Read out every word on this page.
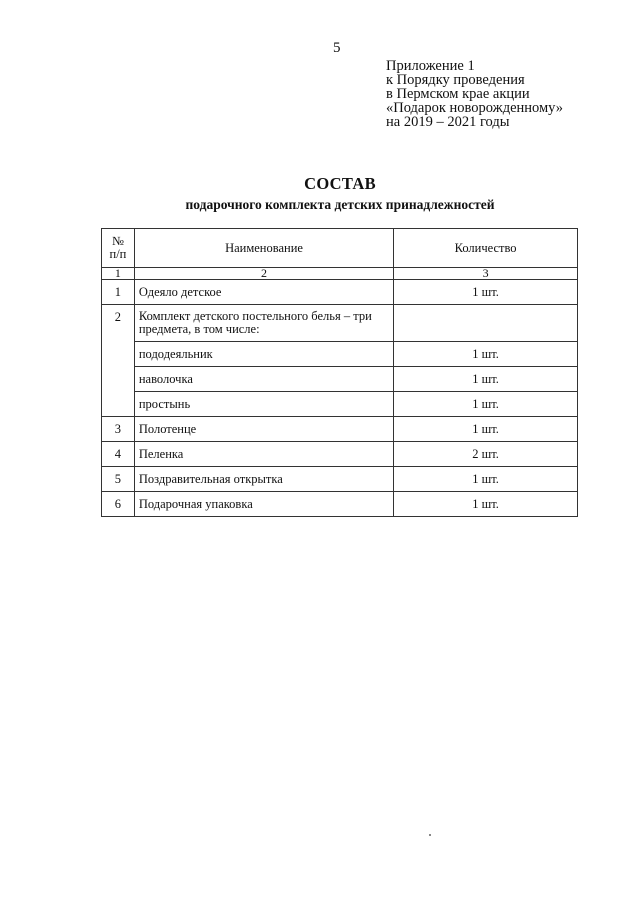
5
Приложение 1
к Порядку проведения
в Пермском крае акции
«Подарок новорожденному»
на 2019 – 2021 годы
СОСТАВ
подарочного комплекта детских принадлежностей
№ п/п	Наименование	Количество
1	2	3
1	Одеяло детское	1 шт.
2	Комплект детского постельного белья – три предмета, в том числе:	
	пододеяльник	1 шт.
	наволочка	1 шт.
	простынь	1 шт.
3	Полотенце	1 шт.
4	Пеленка	2 шт.
5	Поздравительная открытка	1 шт.
6	Подарочная упаковка	1 шт.
